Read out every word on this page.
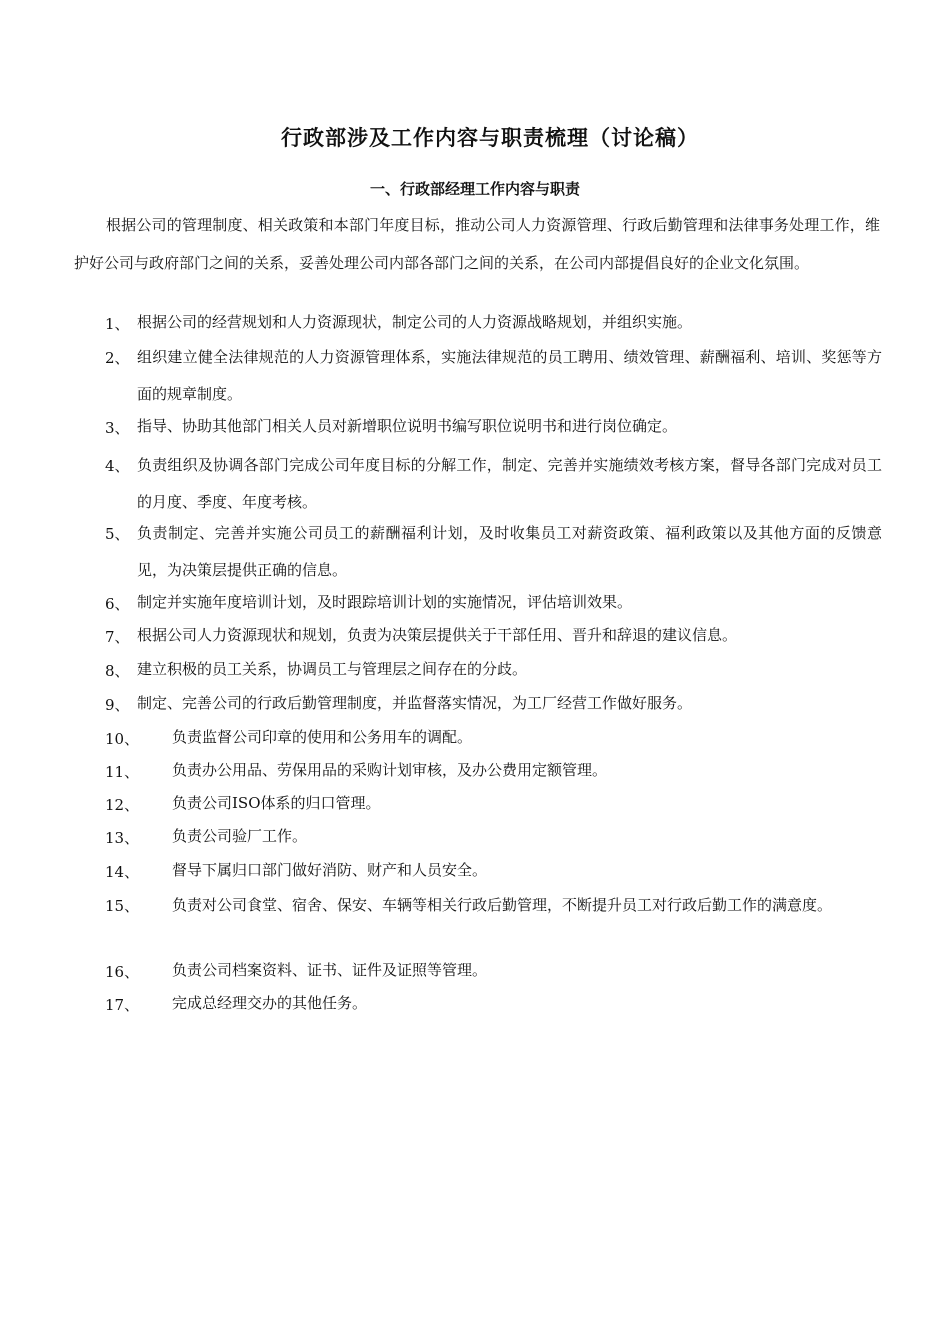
行政部涉及工作内容与职责梳理（讨论稿）
一、行政部经理工作内容与职责

根据公司的管理制度、相关政策和本部门年度目标，推动公司人力资源管理、行政后勤管理和法律事务处理工作，维护好公司与政府部门之间的关系，妥善处理公司内部各部门之间的关系，在公司内部提倡良好的企业文化氛围。

1、 根据公司的经营规划和人力资源现状，制定公司的人力资源战略规划，并组织实施。
2、 组织建立健全法律规范的人力资源管理体系，实施法律规范的员工聘用、绩效管理、薪酬福利、培训、奖惩等方面的规章制度。
3、 指导、协助其他部门相关人员对新增职位说明书编写职位说明书和进行岗位确定。
4、 负责组织及协调各部门完成公司年度目标的分解工作，制定、完善并实施绩效考核方案，督导各部门完成对员工的月度、季度、年度考核。
5、 负责制定、完善并实施公司员工的薪酬福利计划，及时收集员工对薪资政策、福利政策以及其他方面的反馈意见，为决策层提供正确的信息。
6、 制定并实施年度培训计划，及时跟踪培训计划的实施情况，评估培训效果。
7、 根据公司人力资源现状和规划，负责为决策层提供关于干部任用、晋升和辞退的建议信息。
8、 建立积极的员工关系，协调员工与管理层之间存在的分歧。
9、 制定、完善公司的行政后勤管理制度，并监督落实情况，为工厂经营工作做好服务。
10、 负责监督公司印章的使用和公务用车的调配。
11、 负责办公用品、劳保用品的采购计划审核，及办公费用定额管理。
12、 负责公司ISO体系的归口管理。
13、 负责公司验厂工作。
14、 督导下属归口部门做好消防、财产和人员安全。
15、 负责对公司食堂、宿舍、保安、车辆等相关行政后勤管理，不断提升员工对行政后勤工作的满意度。
16、 负责公司档案资料、证书、证件及证照等管理。
17、 完成总经理交办的其他任务。
